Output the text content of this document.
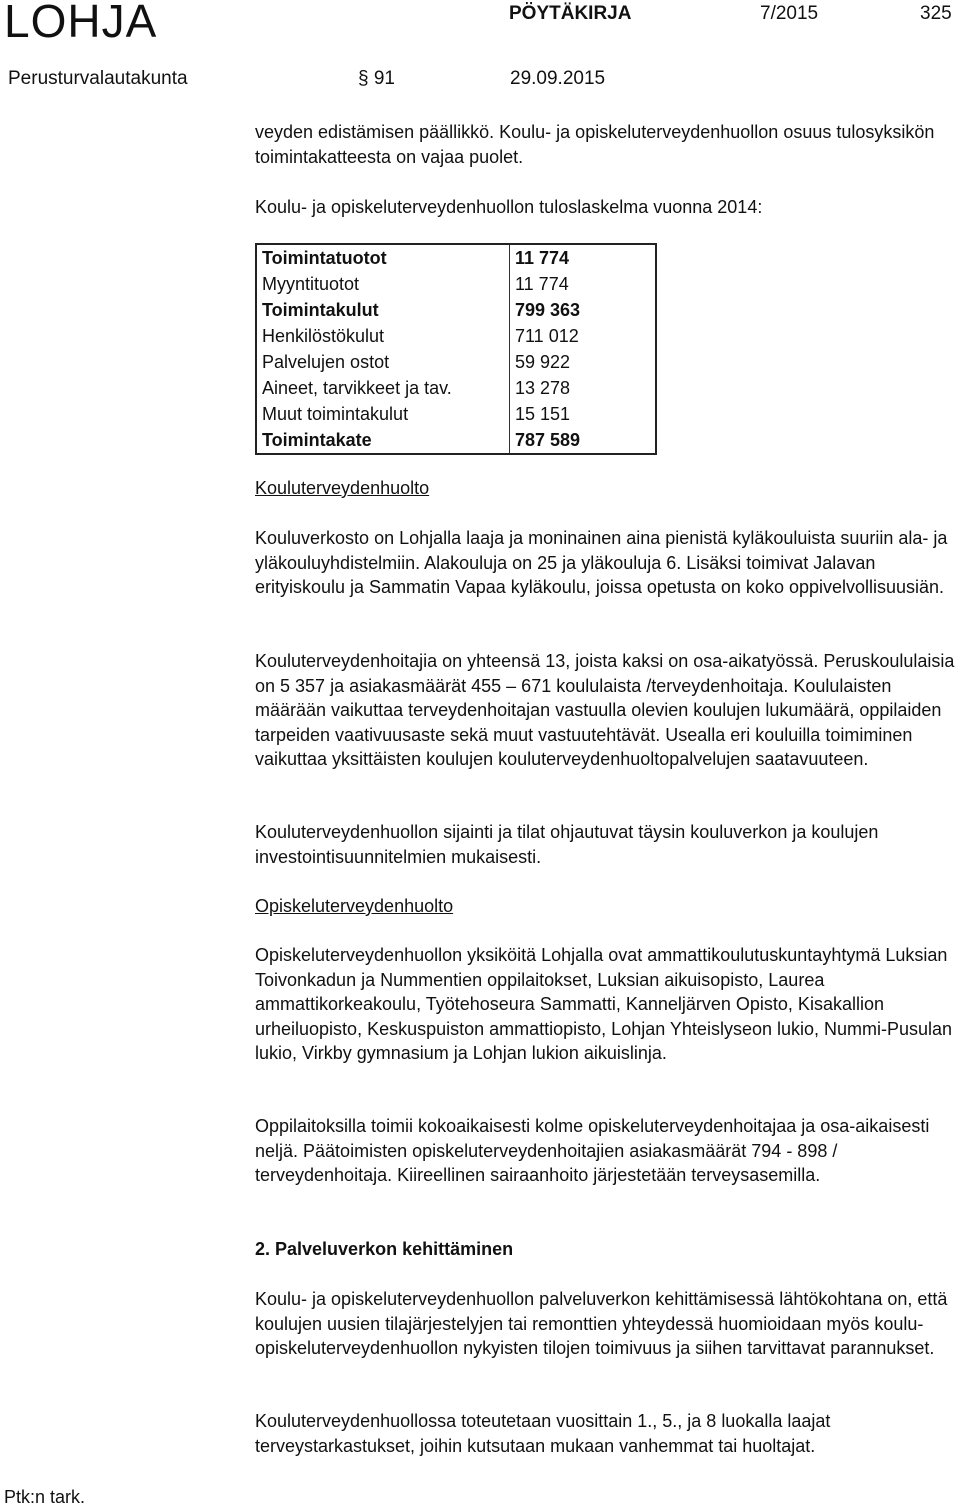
LOHJA	PÖYTÄKIRJA	7/2015	325
Perusturvalautakunta	§ 91	29.09.2015

veyden edistämisen päällikkö. Koulu- ja opiskeluterveydenhuollon osuus tulosyksikön toimintakatteesta on vajaa puolet.

Koulu- ja opiskeluterveydenhuollon tuloslaskelma vuonna 2014:

Toimintatuotot	11 774
Myyntituotot	11 774
Toimintakulut	799 363
Henkilöstökulut	711 012
Palvelujen ostot	59 922
Aineet, tarvikkeet ja tav.	13 278
Muut toimintakulut	15 151
Toimintakate	787 589

Kouluterveydenhuolto

Kouluverkosto on Lohjalla laaja ja moninainen aina pienistä kyläkouluista suuriin ala- ja yläkouluyhdistelmiin. Alakouluja on 25 ja yläkouluja 6. Lisäksi toimivat Jalavan erityiskoulu ja Sammatin Vapaa kyläkoulu, joissa opetusta on koko oppivelvollisuusiän.

Kouluterveydenhoitajia on yhteensä 13, joista kaksi on osa-aikatyössä. Peruskoululaisia on 5 357 ja asiakasmäärät 455 – 671 koululaista /terveydenhoitaja. Koululaisten määrään vaikuttaa terveydenhoitajan vastuulla olevien koulujen lukumäärä, oppilaiden tarpeiden vaativuusaste sekä muut vastuutehtävät. Usealla eri kouluilla toimiminen vaikuttaa yksittäisten koulujen kouluterveydenhuoltopalvelujen saatavuuteen.

Kouluterveydenhuollon sijainti ja tilat ohjautuvat täysin kouluverkon ja koulujen investointisuunnitelmien mukaisesti.

Opiskeluterveydenhuolto

Opiskeluterveydenhuollon yksiköitä Lohjalla ovat ammattikoulutuskuntayhtymä Luksian Toivonkadun ja Nummentien oppilaitokset, Luksian aikuisopisto, Laurea ammattikorkeakoulu, Työtehoseura Sammatti, Kanneljärven Opisto, Kisakallion urheiluopisto, Keskuspuiston ammattiopisto, Lohjan Yhteislyseon lukio, Nummi-Pusulan lukio, Virkby gymnasium ja Lohjan lukion aikuislinja.

Oppilaitoksilla toimii kokoaikaisesti kolme opiskeluterveydenhoitajaa ja osa-aikaisesti neljä. Päätoimisten opiskeluterveydenhoitajien asiakasmäärät 794 - 898 / terveydenhoitaja. Kiireellinen sairaanhoito järjestetään terveysasemilla.

2. Palveluverkon kehittäminen

Koulu- ja opiskeluterveydenhuollon palveluverkon kehittämisessä lähtökohtana on, että koulujen uusien tilajärjestelyjen tai remonttien yhteydessä huomioidaan myös koulu- opiskeluterveydenhuollon nykyisten tilojen toimivuus ja siihen tarvittavat parannukset.

Kouluterveydenhuollossa toteutetaan vuosittain 1., 5., ja 8 luokalla laajat terveystarkastukset, joihin kutsutaan mukaan vanhemmat tai huoltajat.

Ptk:n tark.
